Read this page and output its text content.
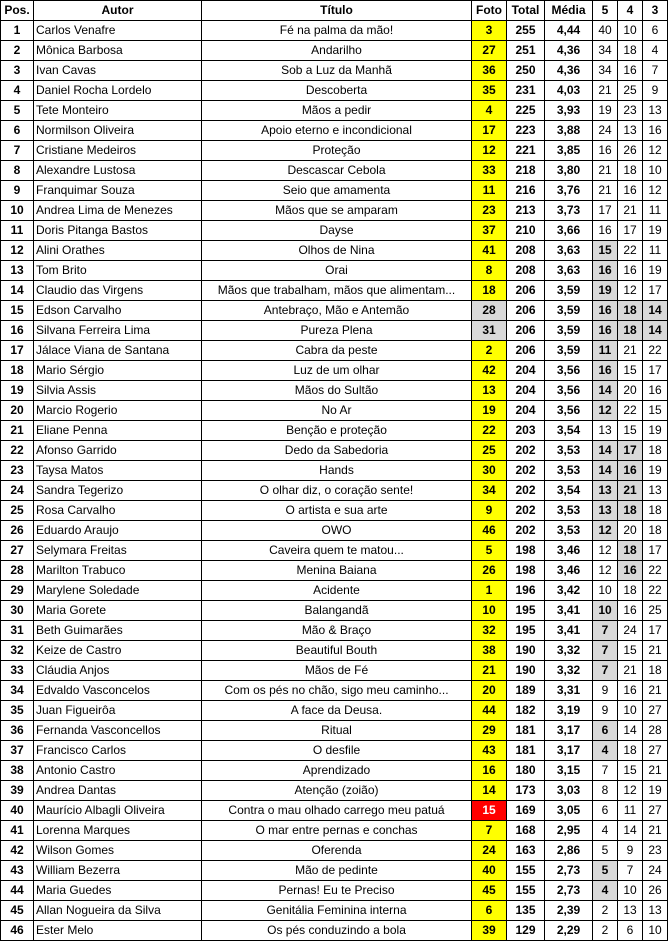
Pos.	Autor	Título	Foto	Total	Média	5	4	3
1	Carlos Venafre	Fé na palma da mão!	3	255	4,44	40	10	6
2	Mônica Barbosa	Andarilho	27	251	4,36	34	18	4
3	Ivan Cavas	Sob a Luz da Manhã	36	250	4,36	34	16	7
4	Daniel Rocha Lordelo	Descoberta	35	231	4,03	21	25	9
5	Tete Monteiro	Mãos a pedir	4	225	3,93	19	23	13
6	Normilson Oliveira	Apoio eterno e incondicional	17	223	3,88	24	13	16
7	Cristiane Medeiros	Proteção	12	221	3,85	16	26	12
8	Alexandre Lustosa	Descascar Cebola	33	218	3,80	21	18	10
9	Franquimar Souza	Seio que amamenta	11	216	3,76	21	16	12
10	Andrea Lima de Menezes	Mãos que se amparam	23	213	3,73	17	21	11
11	Doris Pitanga Bastos	Dayse	37	210	3,66	16	17	19
12	Alini Orathes	Olhos de Nina	41	208	3,63	15	22	11
13	Tom Brito	Orai	8	208	3,63	16	16	19
14	Claudio das Virgens	Mãos que trabalham, mãos que alimentam...	18	206	3,59	19	12	17
15	Edson Carvalho	Antebraço, Mão e Antemão	28	206	3,59	16	18	14
16	Silvana Ferreira Lima	Pureza Plena	31	206	3,59	16	18	14
17	Jálace Viana de Santana	Cabra da peste	2	206	3,59	11	21	22
18	Mario Sérgio	Luz de um olhar	42	204	3,56	16	15	17
19	Silvia Assis	Mãos do Sultão	13	204	3,56	14	20	16
20	Marcio Rogerio	No Ar	19	204	3,56	12	22	15
21	Eliane Penna	Benção e proteção	22	203	3,54	13	15	19
22	Afonso Garrido	Dedo da Sabedoria	25	202	3,53	14	17	18
23	Taysa Matos	Hands	30	202	3,53	14	16	19
24	Sandra Tegerizo	O olhar diz, o coração sente!	34	202	3,54	13	21	13
25	Rosa Carvalho	O artista e sua arte	9	202	3,53	13	18	18
26	Eduardo Araujo	OWO	46	202	3,53	12	20	18
27	Selymara Freitas	Caveira quem te matou...	5	198	3,46	12	18	17
28	Marilton Trabuco	Menina Baiana	26	198	3,46	12	16	22
29	Marylene Soledade	Acidente	1	196	3,42	10	18	22
30	Maria Gorete	Balangandã	10	195	3,41	10	16	25
31	Beth Guimarães	Mão & Braço	32	195	3,41	7	24	17
32	Keize de Castro	Beautiful Bouth	38	190	3,32	7	15	21
33	Cláudia Anjos	Mãos de Fé	21	190	3,32	7	21	18
34	Edvaldo Vasconcelos	Com os pés no chão, sigo meu caminho...	20	189	3,31	9	16	21
35	Juan Figueirôa	A face da Deusa.	44	182	3,19	9	10	27
36	Fernanda Vasconcellos	Ritual	29	181	3,17	6	14	28
37	Francisco Carlos	O desfile	43	181	3,17	4	18	27
38	Antonio Castro	Aprendizado	16	180	3,15	7	15	21
39	Andrea Dantas	Atenção (zoião)	14	173	3,03	8	12	19
40	Maurício Albagli Oliveira	Contra o mau olhado carrego meu patuá	15	169	3,05	6	11	27
41	Lorenna Marques	O mar entre pernas e conchas	7	168	2,95	4	14	21
42	Wilson Gomes	Oferenda	24	163	2,86	5	9	23
43	William Bezerra	Mão de pedinte	40	155	2,73	5	7	24
44	Maria Guedes	Pernas! Eu te Preciso	45	155	2,73	4	10	26
45	Allan Nogueira da Silva	Genitália Feminina interna	6	135	2,39	2	13	13
46	Ester Melo	Os pés conduzindo a bola	39	129	2,29	2	6	10
